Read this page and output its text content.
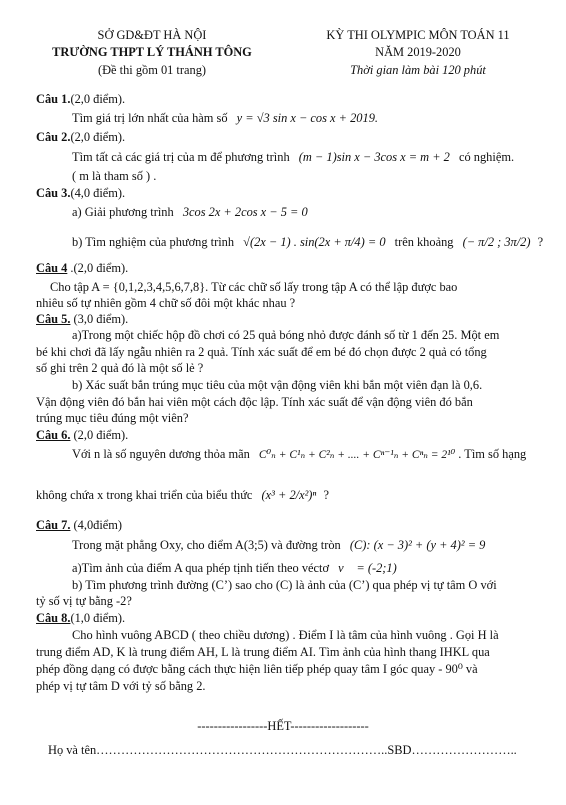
SỞ GD&ĐT HÀ NỘI
TRƯỜNG THPT LÝ THÁNH TÔNG
(Đề thi gồm 01 trang)
KỲ THI OLYMPIC MÔN TOÁN 11
NĂM 2019-2020
Thời gian làm bài 120 phút
Câu 1.(2,0 điểm).
Tìm giá trị lớn nhất của hàm số y = √3 sin x − cos x + 2019.
Câu 2.(2,0 điểm).
Tìm tất cả các giá trị của m để phương trình (m − 1)sin x − 3cos x = m + 2 có nghiệm.
( m là tham số ) .
Câu 3.(4,0 điểm).
a) Giải phương trình 3cos 2x + 2cos x − 5 = 0
b) Tìm nghiệm của phương trình √(2x − 1) . sin(2x + π/4) = 0 trên khoảng (− π/2 ; 3π/2) ?
Câu 4 .(2,0 điểm).
Cho tập A = {0,1,2,3,4,5,6,7,8}. Từ các chữ số lấy trong tập A có thể lập được bao
nhiêu số tự nhiên gồm 4 chữ số đôi một khác nhau ?
Câu 5. (3,0 điểm).
a)Trong một chiếc hộp đồ chơi có 25 quả bóng nhỏ được đánh số từ 1 đến 25. Một em
bé khi chơi đã lấy ngẫu nhiên ra 2 quả. Tính xác suất để em bé đó chọn được 2 quả có tổng
số ghi trên 2 quả đó là một số lẻ ?
b) Xác suất bắn trúng mục tiêu của một vận động viên khi bắn một viên đạn là 0,6.
Vận động viên đó bắn hai viên một cách độc lập. Tính xác suất để vận động viên đó bắn
trúng mục tiêu đúng một viên?
Câu 6. (2,0 điểm).
Với n là số nguyên dương thỏa mãn C⁰ₙ + C¹ₙ + C²ₙ + .... + Cⁿ⁻¹ₙ + Cⁿₙ = 2¹⁰ . Tìm số hạng
không chứa x trong khai triển của biểu thức (x³ + 2/x²)ⁿ ?
Câu 7. (4,0điểm)
Trong mặt phẳng Oxy, cho điểm A(3;5) và đường tròn (C): (x − 3)² + (y + 4)² = 9
a)Tìm ảnh của điểm A qua phép tịnh tiến theo véctơ v⃗ = (-2;1)
b) Tìm phương trình đường (C’) sao cho (C) là ảnh của (C’) qua phép vị tự tâm O với
tỷ số vị tự bằng -2?
Câu 8.(1,0 điểm).
Cho hình vuông ABCD ( theo chiều dương) . Điểm I là tâm của hình vuông . Gọi H là
trung điểm AD, K là trung điểm AH, L là trung điểm AI. Tìm ảnh của hình thang IHKL qua
phép đồng dạng có được bằng cách thực hiện liên tiếp phép quay tâm I góc quay - 90⁰ và
phép vị tự tâm D với tỷ số bằng 2.
-----------------HẾT-------------------
Họ và tên……………………………………………………………..SBD……………………..
